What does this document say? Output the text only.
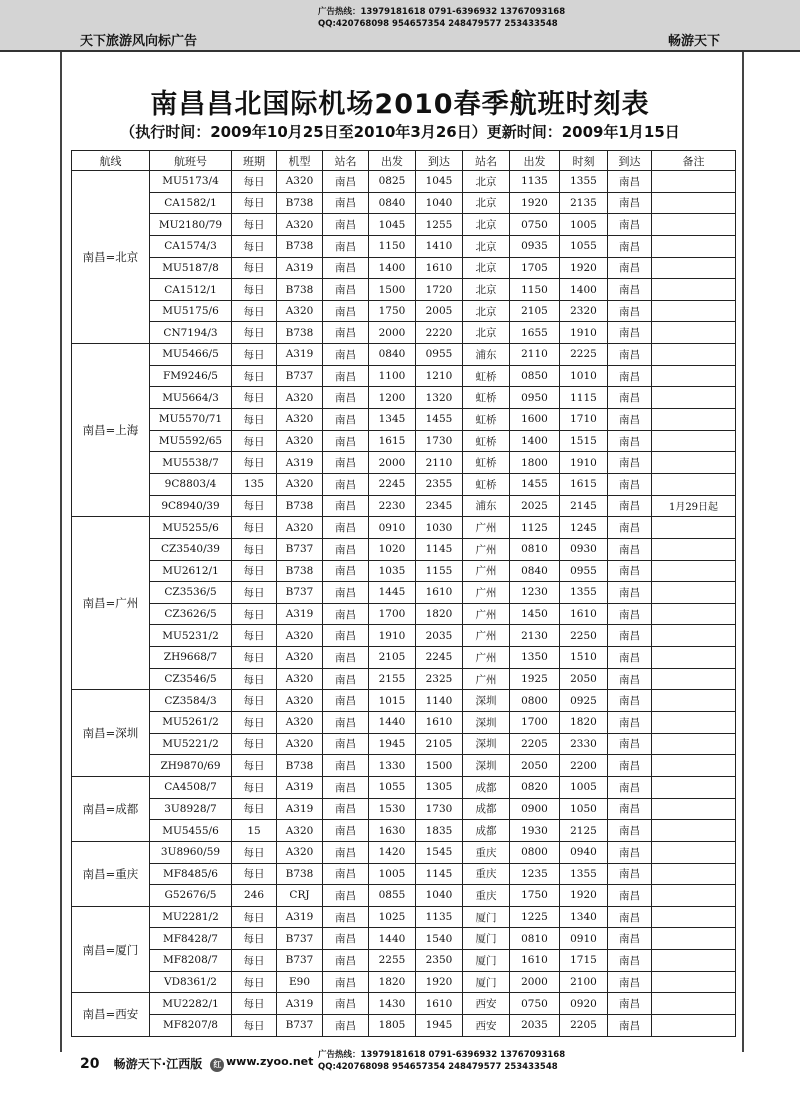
天下旅游风向标广告
广告热线：13979181618 0791-6396932 13767093168
QQ:420768098 954657354 248479577 253433548
畅游天下
南昌昌北国际机场2010春季航班时刻表
（执行时间：2009年10月25日至2010年3月26日）更新时间：2009年1月15日
航线	航班号	班期	机型	站名	出发	到达	站名	出发	时刻	到达	备注
南昌=北京	MU5173/4	每日	A320	南昌	0825	1045	北京	1135	1355	南昌	
	CA1582/1	每日	B738	南昌	0840	1040	北京	1920	2135	南昌	
	MU2180/79	每日	A320	南昌	1045	1255	北京	0750	1005	南昌	
	CA1574/3	每日	B738	南昌	1150	1410	北京	0935	1055	南昌	
	MU5187/8	每日	A319	南昌	1400	1610	北京	1705	1920	南昌	
	CA1512/1	每日	B738	南昌	1500	1720	北京	1150	1400	南昌	
	MU5175/6	每日	A320	南昌	1750	2005	北京	2105	2320	南昌	
	CN7194/3	每日	B738	南昌	2000	2220	北京	1655	1910	南昌	
南昌=上海	MU5466/5	每日	A319	南昌	0840	0955	浦东	2110	2225	南昌	
	FM9246/5	每日	B737	南昌	1100	1210	虹桥	0850	1010	南昌	
	MU5664/3	每日	A320	南昌	1200	1320	虹桥	0950	1115	南昌	
	MU5570/71	每日	A320	南昌	1345	1455	虹桥	1600	1710	南昌	
	MU5592/65	每日	A320	南昌	1615	1730	虹桥	1400	1515	南昌	
	MU5538/7	每日	A319	南昌	2000	2110	虹桥	1800	1910	南昌	
	9C8803/4	135	A320	南昌	2245	2355	虹桥	1455	1615	南昌	
	9C8940/39	每日	B738	南昌	2230	2345	浦东	2025	2145	南昌	1月29日起
南昌=广州	MU5255/6	每日	A320	南昌	0910	1030	广州	1125	1245	南昌	
	CZ3540/39	每日	B737	南昌	1020	1145	广州	0810	0930	南昌	
	MU2612/1	每日	B738	南昌	1035	1155	广州	0840	0955	南昌	
	CZ3536/5	每日	B737	南昌	1445	1610	广州	1230	1355	南昌	
	CZ3626/5	每日	A319	南昌	1700	1820	广州	1450	1610	南昌	
	MU5231/2	每日	A320	南昌	1910	2035	广州	2130	2250	南昌	
	ZH9668/7	每日	A320	南昌	2105	2245	广州	1350	1510	南昌	
	CZ3546/5	每日	A320	南昌	2155	2325	广州	1925	2050	南昌	
南昌=深圳	CZ3584/3	每日	A320	南昌	1015	1140	深圳	0800	0925	南昌	
	MU5261/2	每日	A320	南昌	1440	1610	深圳	1700	1820	南昌	
	MU5221/2	每日	A320	南昌	1945	2105	深圳	2205	2330	南昌	
	ZH9870/69	每日	B738	南昌	1330	1500	深圳	2050	2200	南昌	
南昌=成都	CA4508/7	每日	A319	南昌	1055	1305	成都	0820	1005	南昌	
	3U8928/7	每日	A319	南昌	1530	1730	成都	0900	1050	南昌	
	MU5455/6	15	A320	南昌	1630	1835	成都	1930	2125	南昌	
南昌=重庆	3U8960/59	每日	A320	南昌	1420	1545	重庆	0800	0940	南昌	
	MF8485/6	每日	B738	南昌	1005	1145	重庆	1235	1355	南昌	
	G52676/5	246	CRJ	南昌	0855	1040	重庆	1750	1920	南昌	
南昌=厦门	MU2281/2	每日	A319	南昌	1025	1135	厦门	1225	1340	南昌	
	MF8428/7	每日	B737	南昌	1440	1540	厦门	0810	0910	南昌	
	MF8208/7	每日	B737	南昌	2255	2350	厦门	1610	1715	南昌	
	VD8361/2	每日	E90	南昌	1820	1920	厦门	2000	2100	南昌	
南昌=西安	MU2282/1	每日	A319	南昌	1430	1610	西安	0750	0920	南昌	
	MF8207/8	每日	B737	南昌	1805	1945	西安	2035	2205	南昌	
20 畅游天下·江西版 红 www.zyoo.net 广告热线：13979181618 0791-6396932 13767093168
QQ:420768098 954657354 248479577 253433548
